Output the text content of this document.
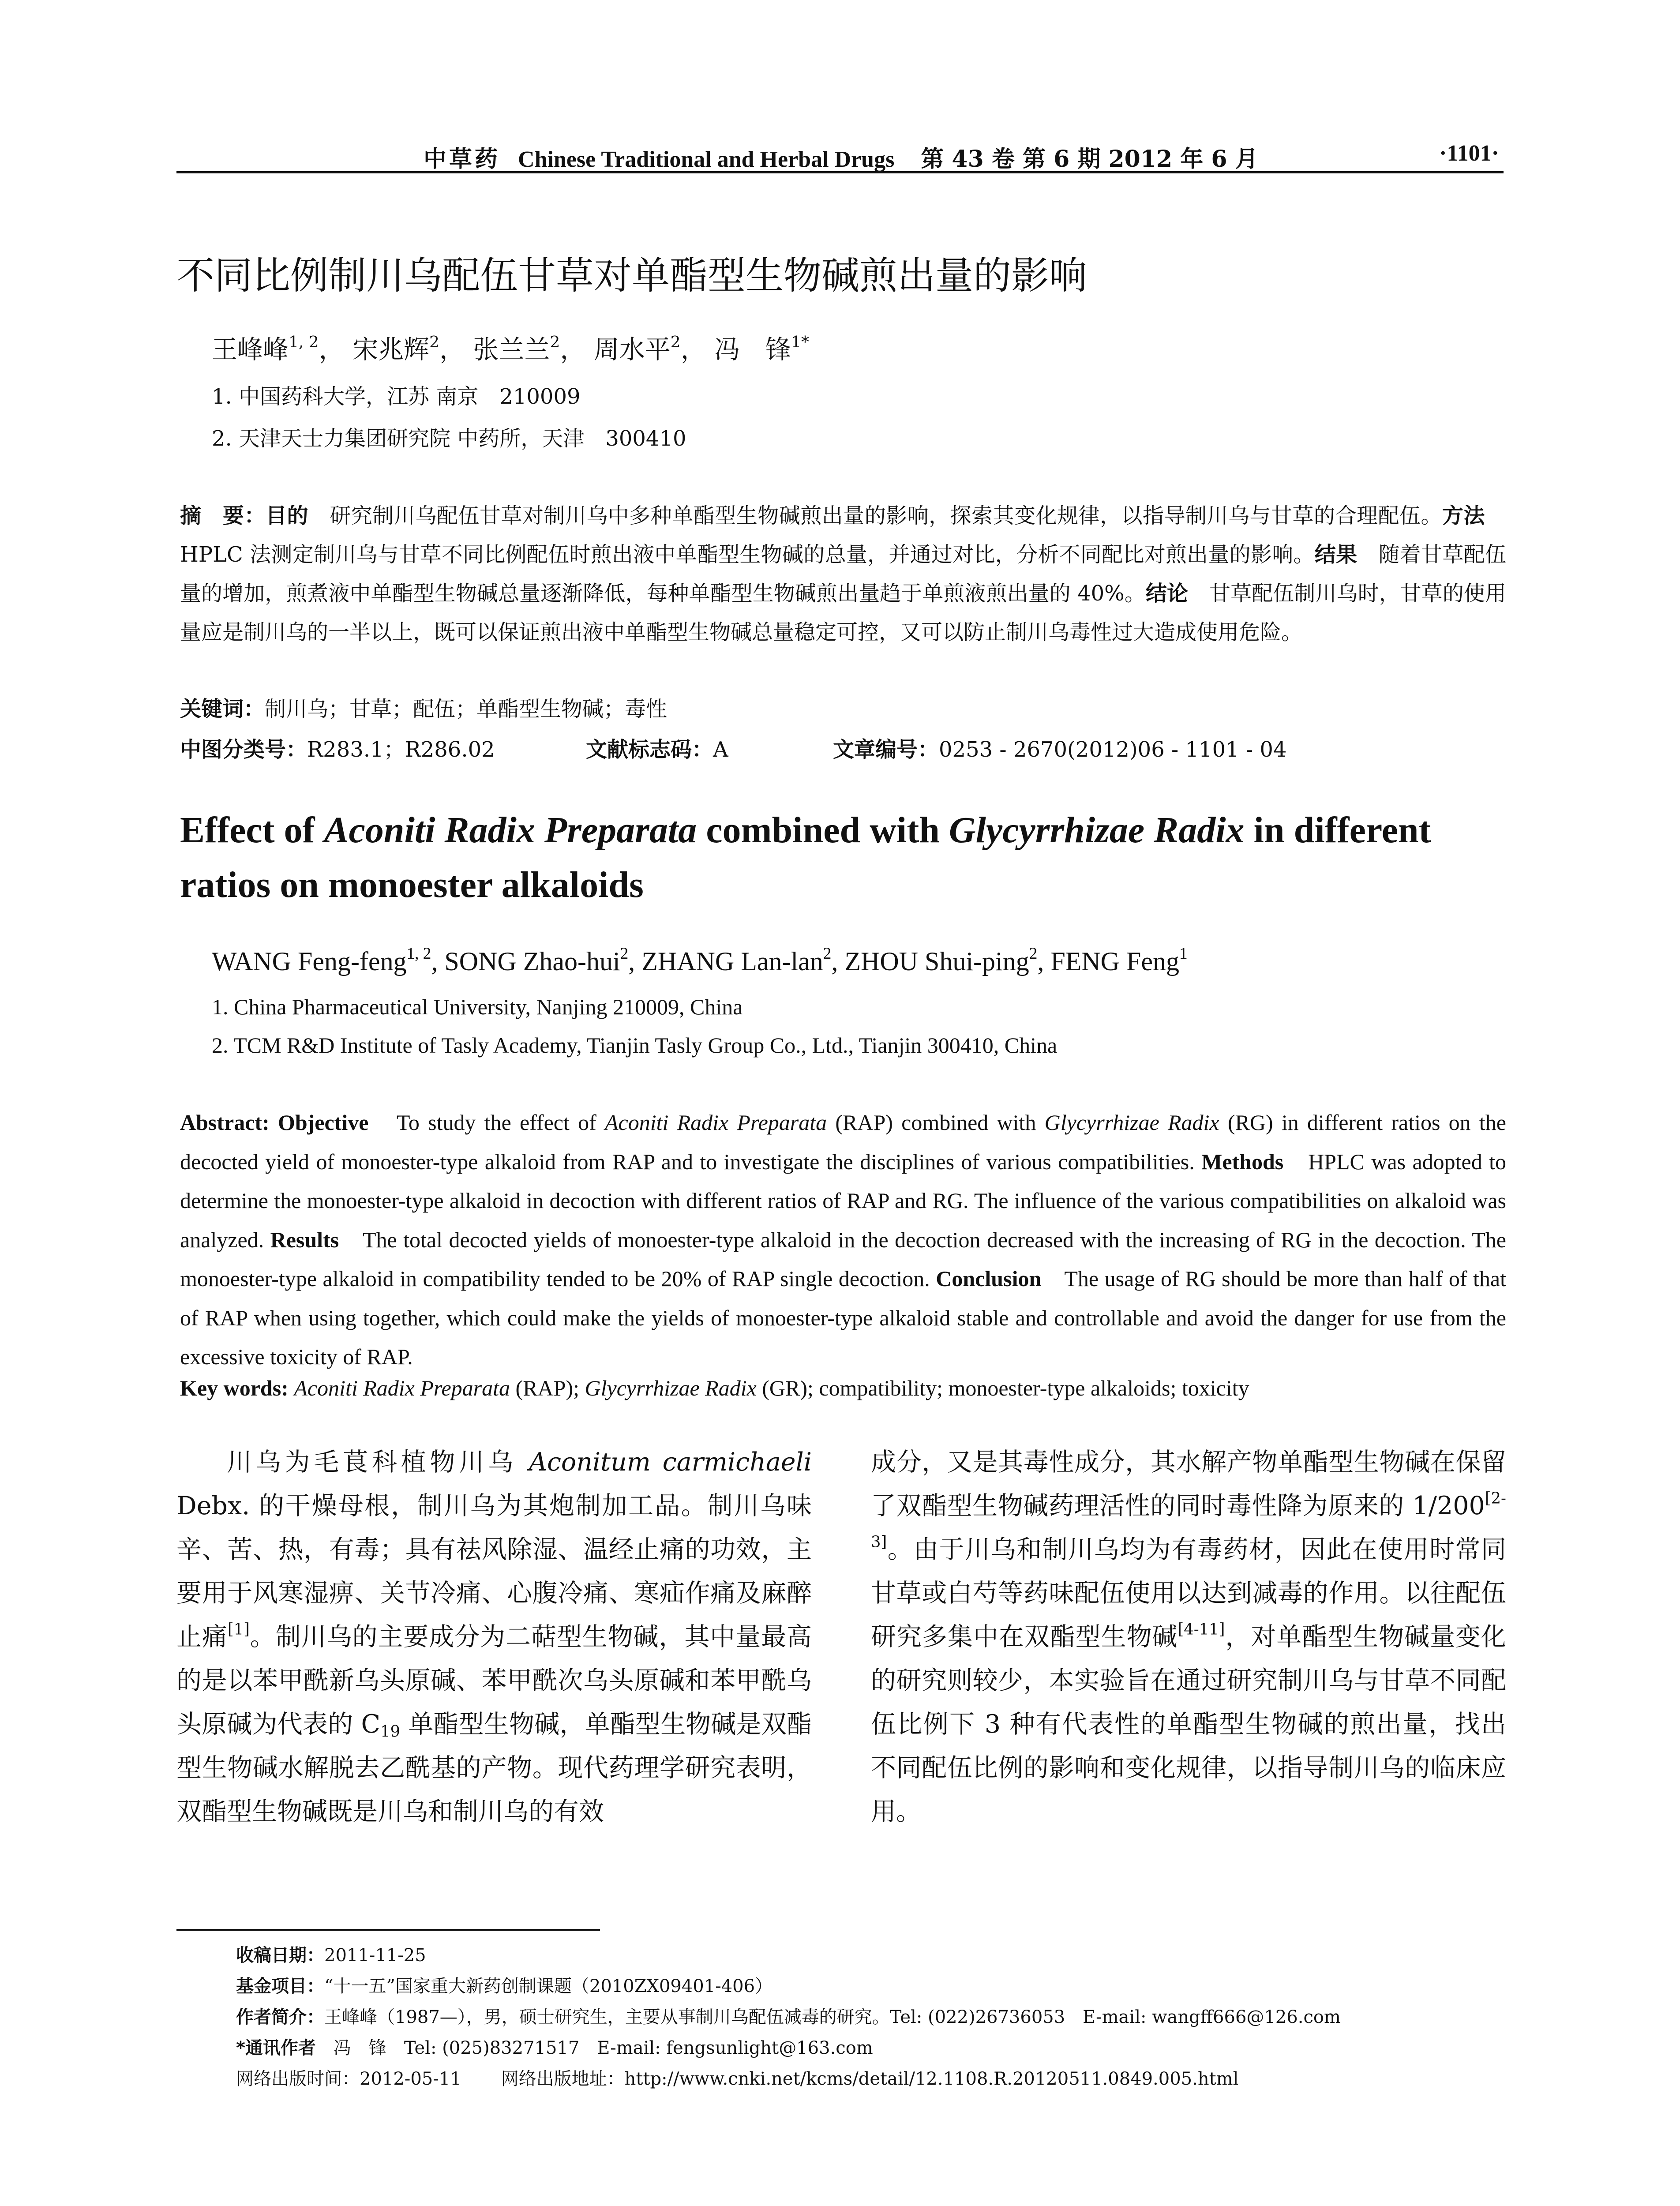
中草药 Chinese Traditional and Herbal Drugs 第 43 卷 第 6 期 2012 年 6 月	·1101·
不同比例制川乌配伍甘草对单酯型生物碱煎出量的影响
王峰峰$^{1, 2}$， 宋兆辉$^2$， 张兰兰$^2$， 周水平$^2$， 冯　锋$^{1*}$
1. 中国药科大学，江苏 南京　210009
2. 天津天士力集团研究院 中药所，天津　300410
摘　要：目的　研究制川乌配伍甘草对制川乌中多种单酯型生物碱煎出量的影响，探索其变化规律，以指导制川乌与甘草的合理配伍。方法　HPLC 法测定制川乌与甘草不同比例配伍时煎出液中单酯型生物碱的总量，并通过对比，分析不同配比对煎出量的影响。结果　随着甘草配伍量的增加，煎煮液中单酯型生物碱总量逐渐降低，每种单酯型生物碱煎出量趋于单煎液煎出量的 40%。结论　甘草配伍制川乌时，甘草的使用量应是制川乌的一半以上，既可以保证煎出液中单酯型生物碱总量稳定可控，又可以防止制川乌毒性过大造成使用危险。
关键词：制川乌；甘草；配伍；单酯型生物碱；毒性
中图分类号：R283.1；R286.02	文献标志码：A	文章编号：0253 - 2670(2012)06 - 1101 - 04
Effect of Aconiti Radix Preparata combined with Glycyrrhizae Radix in different ratios on monoester alkaloids
WANG Feng-feng$^{1, 2}$, SONG Zhao-hui$^2$, ZHANG Lan-lan$^2$, ZHOU Shui-ping$^2$, FENG Feng$^1$
1. China Pharmaceutical University, Nanjing 210009, China
2. TCM R&D Institute of Tasly Academy, Tianjin Tasly Group Co., Ltd., Tianjin 300410, China
Abstract: Objective　To study the effect of Aconiti Radix Preparata (RAP) combined with Glycyrrhizae Radix (RG) in different ratios on the decocted yield of monoester-type alkaloid from RAP and to investigate the disciplines of various compatibilities. Methods　HPLC was adopted to determine the monoester-type alkaloid in decoction with different ratios of RAP and RG. The influence of the various compatibilities on alkaloid was analyzed. Results　The total decocted yields of monoester-type alkaloid in the decoction decreased with the increasing of RG in the decoction. The monoester-type alkaloid in compatibility tended to be 20% of RAP single decoction. Conclusion　The usage of RG should be more than half of that of RAP when using together, which could make the yields of monoester-type alkaloid stable and controllable and avoid the danger for use from the excessive toxicity of RAP.
Key words: Aconiti Radix Preparata (RAP); Glycyrrhizae Radix (GR); compatibility; monoester-type alkaloids; toxicity
川乌为毛茛科植物川乌 Aconitum carmichaeli Debx. 的干燥母根，制川乌为其炮制加工品。制川乌味辛、苦、热，有毒；具有祛风除湿、温经止痛的功效，主要用于风寒湿痹、关节冷痛、心腹冷痛、寒疝作痛及麻醉止痛[1]。制川乌的主要成分为二萜型生物碱，其中量最高的是以苯甲酰新乌头原碱、苯甲酰次乌头原碱和苯甲酰乌头原碱为代表的 $C_{19}$ 单酯型生物碱，单酯型生物碱是双酯型生物碱水解脱去乙酰基的产物。现代药理学研究表明，双酯型生物碱既是川乌和制川乌的有效
成分，又是其毒性成分，其水解产物单酯型生物碱在保留了双酯型生物碱药理活性的同时毒性降为原来的 1/200[2-3]。由于川乌和制川乌均为有毒药材，因此在使用时常同甘草或白芍等药味配伍使用以达到减毒的作用。以往配伍研究多集中在双酯型生物碱[4-11]，对单酯型生物碱量变化的研究则较少，本实验旨在通过研究制川乌与甘草不同配伍比例下 3 种有代表性的单酯型生物碱的煎出量，找出不同配伍比例的影响和变化规律，以指导制川乌的临床应用。
收稿日期：2011-11-25
基金项目：“十一五”国家重大新药创制课题（2010ZX09401-406）
作者简介：王峰峰（1987—），男，硕士研究生，主要从事制川乌配伍减毒的研究。Tel: (022)26736053　E-mail: wangff666@126.com
*通讯作者　冯　锋　Tel: (025)83271517　E-mail: fengsunlight@163.com
网络出版时间：2012-05-11 网络出版地址：http://www.cnki.net/kcms/detail/12.1108.R.20120511.0849.005.html
